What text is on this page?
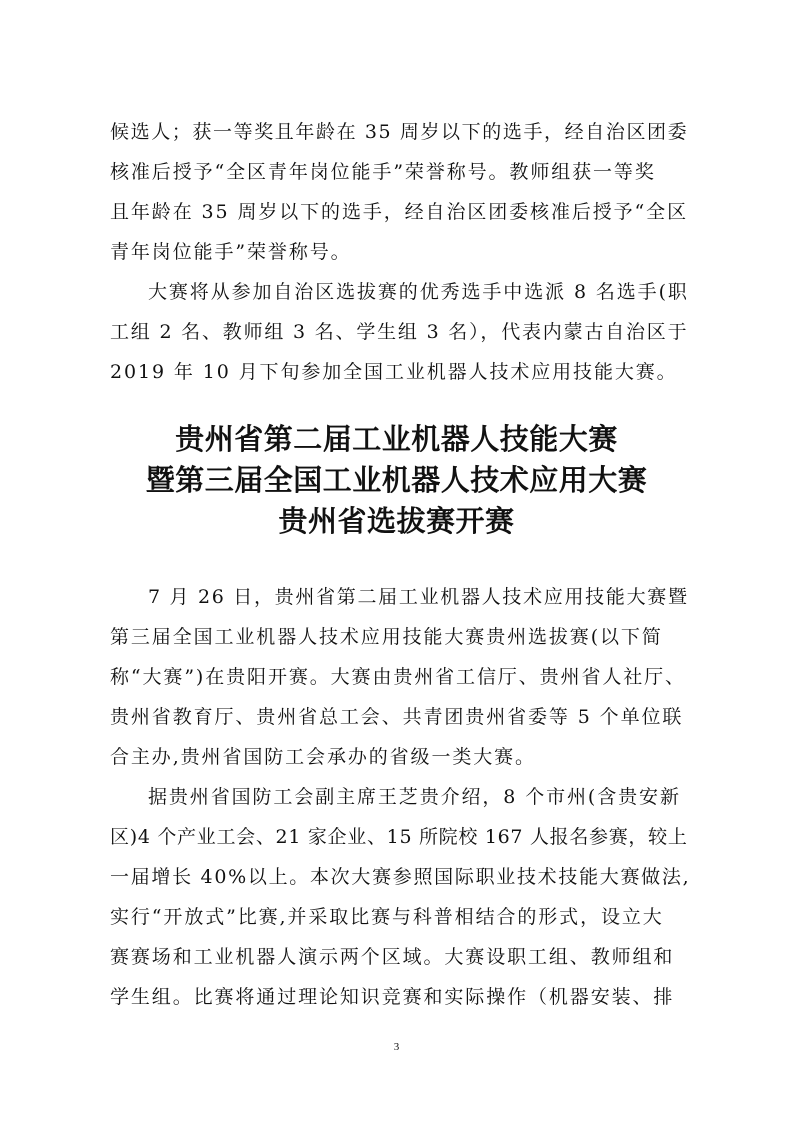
候选人；获一等奖且年龄在 35 周岁以下的选手，经自治区团委
核准后授予“全区青年岗位能手”荣誉称号。教师组获一等奖
且年龄在 35 周岁以下的选手，经自治区团委核准后授予“全区
青年岗位能手”荣誉称号。
大赛将从参加自治区选拔赛的优秀选手中选派 8 名选手(职
工组 2 名、教师组 3 名、学生组 3 名），代表内蒙古自治区于
2019 年 10 月下旬参加全国工业机器人技术应用技能大赛。
贵州省第二届工业机器人技能大赛
暨第三届全国工业机器人技术应用大赛
贵州省选拔赛开赛
7 月 26 日，贵州省第二届工业机器人技术应用技能大赛暨
第三届全国工业机器人技术应用技能大赛贵州选拔赛(以下简
称“大赛”)在贵阳开赛。大赛由贵州省工信厅、贵州省人社厅、
贵州省教育厅、贵州省总工会、共青团贵州省委等 5 个单位联
合主办,贵州省国防工会承办的省级一类大赛。
据贵州省国防工会副主席王芝贵介绍，8 个市州(含贵安新
区)4 个产业工会、21 家企业、15 所院校 167 人报名参赛，较上
一届增长 40%以上。本次大赛参照国际职业技术技能大赛做法,
实行“开放式”比赛,并采取比赛与科普相结合的形式，设立大
赛赛场和工业机器人演示两个区域。大赛设职工组、教师组和
学生组。比赛将通过理论知识竞赛和实际操作（机器安装、排
3
